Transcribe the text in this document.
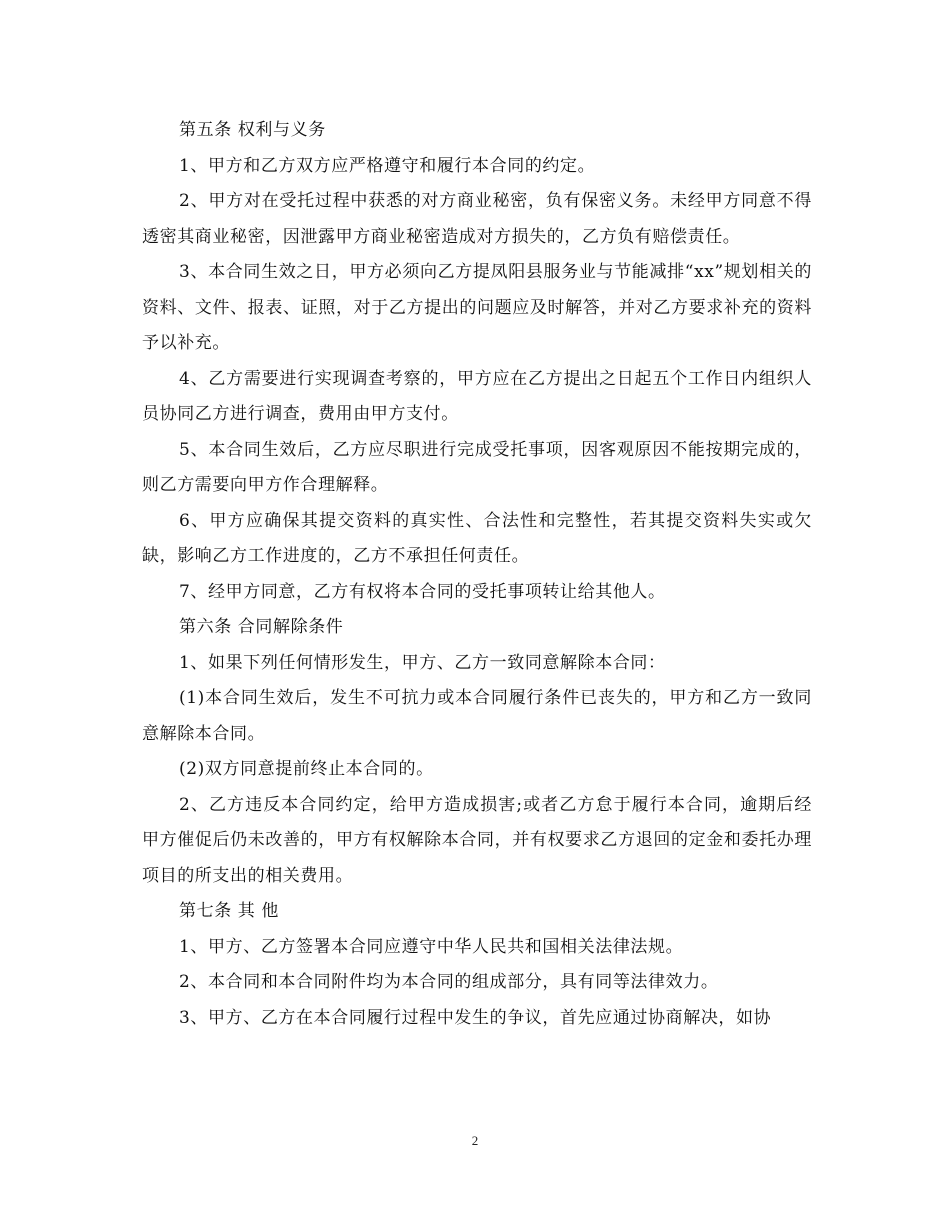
第五条 权利与义务

1、甲方和乙方双方应严格遵守和履行本合同的约定。

2、甲方对在受托过程中获悉的对方商业秘密，负有保密义务。未经甲方同意不得透密其商业秘密，因泄露甲方商业秘密造成对方损失的，乙方负有赔偿责任。

3、本合同生效之日，甲方必须向乙方提凤阳县服务业与节能减排“xx”规划相关的资料、文件、报表、证照，对于乙方提出的问题应及时解答，并对乙方要求补充的资料予以补充。

4、乙方需要进行实现调查考察的，甲方应在乙方提出之日起五个工作日内组织人员协同乙方进行调查，费用由甲方支付。

5、本合同生效后，乙方应尽职进行完成受托事项，因客观原因不能按期完成的，则乙方需要向甲方作合理解释。

6、甲方应确保其提交资料的真实性、合法性和完整性，若其提交资料失实或欠缺，影响乙方工作进度的，乙方不承担任何责任。

7、经甲方同意，乙方有权将本合同的受托事项转让给其他人。

第六条 合同解除条件

1、如果下列任何情形发生，甲方、乙方一致同意解除本合同：

(1)本合同生效后，发生不可抗力或本合同履行条件已丧失的，甲方和乙方一致同意解除本合同。

(2)双方同意提前终止本合同的。

2、乙方违反本合同约定，给甲方造成损害;或者乙方怠于履行本合同，逾期后经甲方催促后仍未改善的，甲方有权解除本合同，并有权要求乙方退回的定金和委托办理项目的所支出的相关费用。

第七条 其 他

1、甲方、乙方签署本合同应遵守中华人民共和国相关法律法规。

2、本合同和本合同附件均为本合同的组成部分，具有同等法律效力。

3、甲方、乙方在本合同履行过程中发生的争议，首先应通过协商解决，如协

2
